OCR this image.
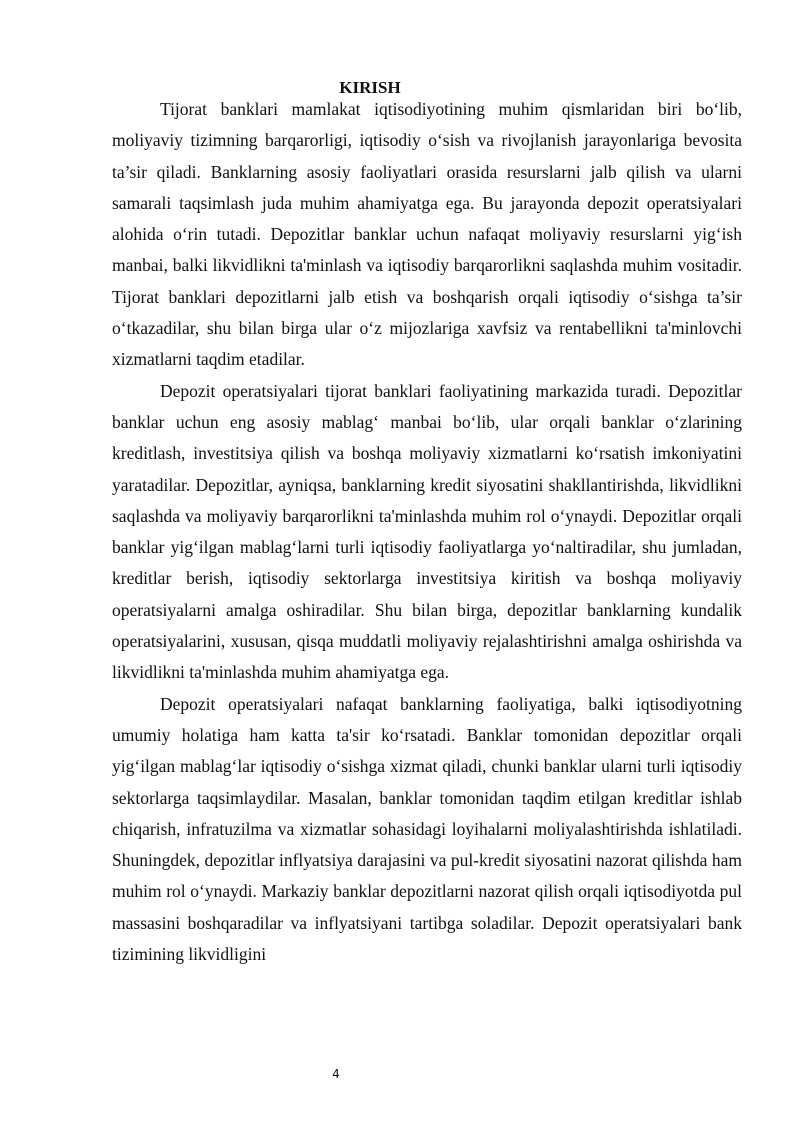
KIRISH

Tijorat banklari mamlakat iqtisodiyotining muhim qismlaridan biri bo‘lib, moliyaviy tizimning barqarorligi, iqtisodiy o‘sish va rivojlanish jarayonlariga bevosita ta’sir qiladi. Banklarning asosiy faoliyatlari orasida resurslarni jalb qilish va ularni samarali taqsimlash juda muhim ahamiyatga ega. Bu jarayonda depozit operatsiyalari alohida o‘rin tutadi. Depozitlar banklar uchun nafaqat moliyaviy resurslarni yig‘ish manbai, balki likvidlikni ta'minlash va iqtisodiy barqarorlikni saqlashda muhim vositadir. Tijorat banklari depozitlarni jalb etish va boshqarish orqali iqtisodiy o‘sishga ta’sir o‘tkazadilar, shu bilan birga ular o‘z mijozlariga xavfsiz va rentabellikni ta'minlovchi xizmatlarni taqdim etadilar.

Depozit operatsiyalari tijorat banklari faoliyatining markazida turadi. Depozitlar banklar uchun eng asosiy mablag‘ manbai bo‘lib, ular orqali banklar o‘zlarining kreditlash, investitsiya qilish va boshqa moliyaviy xizmatlarni ko‘rsatish imkoniyatini yaratadilar. Depozitlar, ayniqsa, banklarning kredit siyosatini shakllantirishda, likvidlikni saqlashda va moliyaviy barqarorlikni ta'minlashda muhim rol o‘ynaydi. Depozitlar orqali banklar yig‘ilgan mablag‘larni turli iqtisodiy faoliyatlarga yo‘naltiradilar, shu jumladan, kreditlar berish, iqtisodiy sektorlarga investitsiya kiritish va boshqa moliyaviy operatsiyalarni amalga oshiradilar. Shu bilan birga, depozitlar banklarning kundalik operatsiyalarini, xususan, qisqa muddatli moliyaviy rejalashtirishni amalga oshirishda va likvidlikni ta'minlashda muhim ahamiyatga ega.

Depozit operatsiyalari nafaqat banklarning faoliyatiga, balki iqtisodiyotning umumiy holatiga ham katta ta'sir ko‘rsatadi. Banklar tomonidan depozitlar orqali yig‘ilgan mablag‘lar iqtisodiy o‘sishga xizmat qiladi, chunki banklar ularni turli iqtisodiy sektorlarga taqsimlaydilar. Masalan, banklar tomonidan taqdim etilgan kreditlar ishlab chiqarish, infratuzilma va xizmatlar sohasidagi loyihalarni moliyalashtirishda ishlatiladi. Shuningdek, depozitlar inflyatsiya darajasini va pul-kredit siyosatini nazorat qilishda ham muhim rol o‘ynaydi. Markaziy banklar depozitlarni nazorat qilish orqali iqtisodiyotda pul massasini boshqaradilar va inflyatsiyani tartibga soladilar. Depozit operatsiyalari bank tizimining likvidligini

4
